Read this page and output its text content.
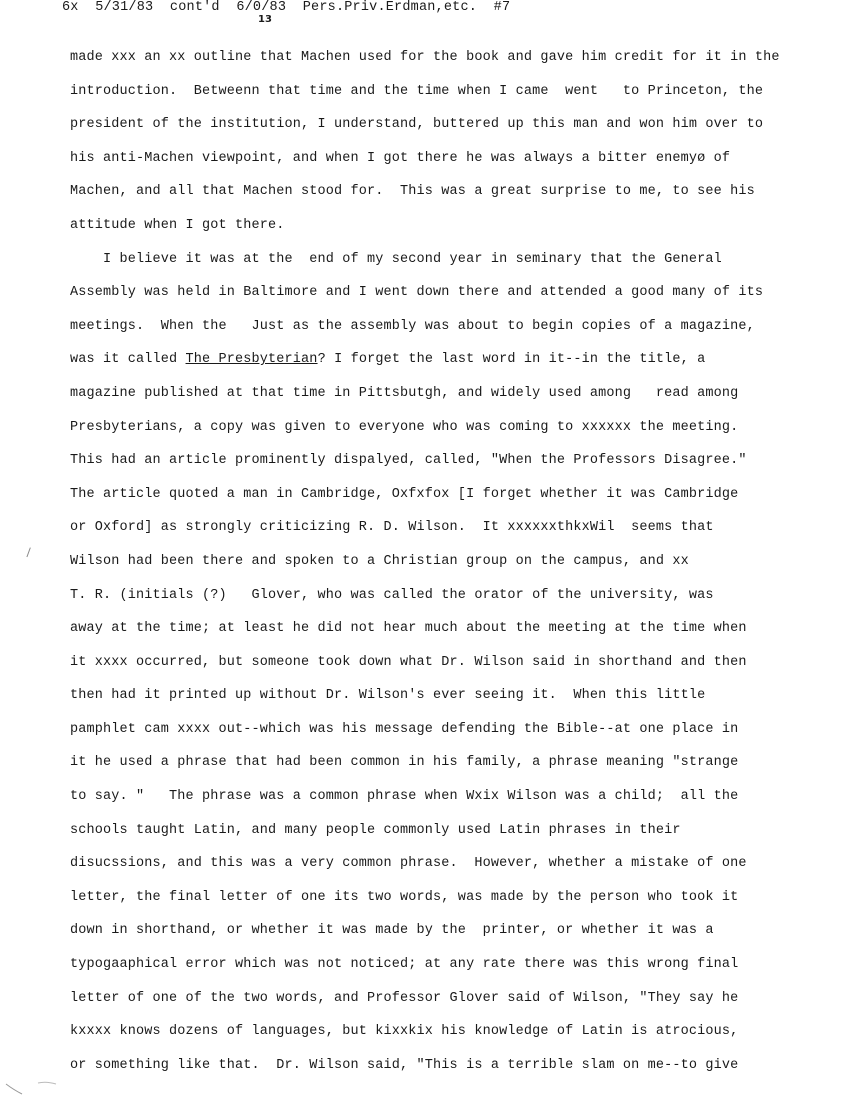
6x  5/31/83  cont'd  6/0/83  Pers.Priv.Erdman,etc.  #7
13
made xxx an xx outline that Machen used for the book and gave him credit for it in the
introduction.  Betweenn that time and the time when I came  went   to Princeton, the
president of the institution, I understand, buttered up this man and won him over to
his anti-Machen viewpoint, and when I got there he was always a bitter enemyø of
Machen, and all that Machen stood for.  This was a great surprise to me, to see his
attitude when I got there.
I believe it was at the  end of my second year in seminary that the General
Assembly was held in Baltimore and I went down there and attended a good many of its
meetings.  When the   Just as the assembly was about to begin copies of a magazine,
was it called The Presbyterian? I forget the last word in it--in the title, a
magazine published at that time in Pittsbutgh, and widely used among   read among
Presbyterians, a copy was given to everyone who was coming to xxxxxx the meeting.
This had an article prominently dispalyed, called, "When the Professors Disagree."
The article quoted a man in Cambridge, Oxfxfox [I forget whether it was Cambridge
or Oxford] as strongly criticizing R. D. Wilson.  It xxxxxxthkxWil  seems that
Wilson had been there and spoken to a Christian group on the campus, and xx
T. R. (initials (?)   Glover, who was called the orator of the university, was
away at the time; at least he did not hear much about the meeting at the time when
it xxxx occurred, but someone took down what Dr. Wilson said in shorthand and then
then had it printed up without Dr. Wilson's ever seeing it.  When this little
pamphlet cam xxxx out--which was his message defending the Bible--at one place in
it he used a phrase that had been common in his family, a phrase meaning "strange
to say. "   The phrase was a common phrase when Wxix Wilson was a child;  all the
schools taught Latin, and many people commonly used Latin phrases in their
disucssions, and this was a very common phrase.  However, whether a mistake of one
letter, the final letter of one its two words, was made by the person who took it
down in shorthand, or whether it was made by the  printer, or whether it was a
typogaaphical error which was not noticed; at any rate there was this wrong final
letter of one of the two words, and Professor Glover said of Wilson, "They say he
kxxxx knows dozens of languages, but kixxkix his knowledge of Latin is atrocious,
or something like that.  Dr. Wilson said, "This is a terrible slam on me--to give
